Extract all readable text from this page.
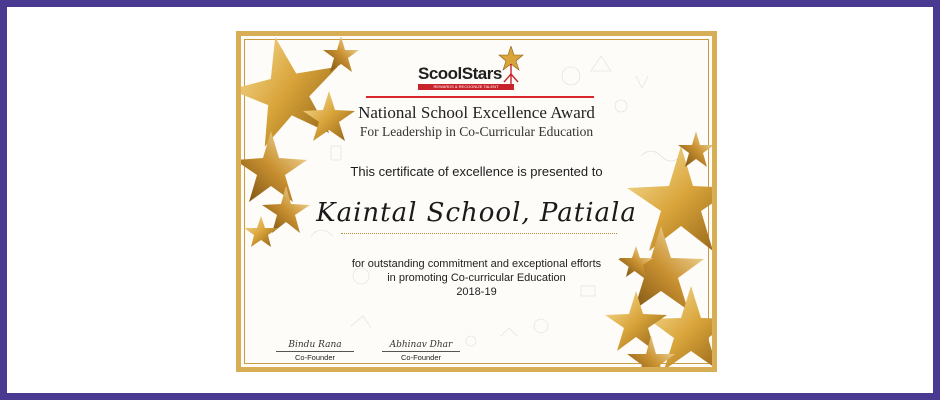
ScoolStars
REWARDS & RECOGNIZE TALENT
National School Excellence Award
For Leadership in Co-Curricular Education
This certificate of excellence is presented to
Kaintal School, Patiala
for outstanding commitment and exceptional efforts
in promoting Co-curricular Education
2018-19
Bindu Rana
Co-Founder
Abhinav Dhar
Co-Founder
